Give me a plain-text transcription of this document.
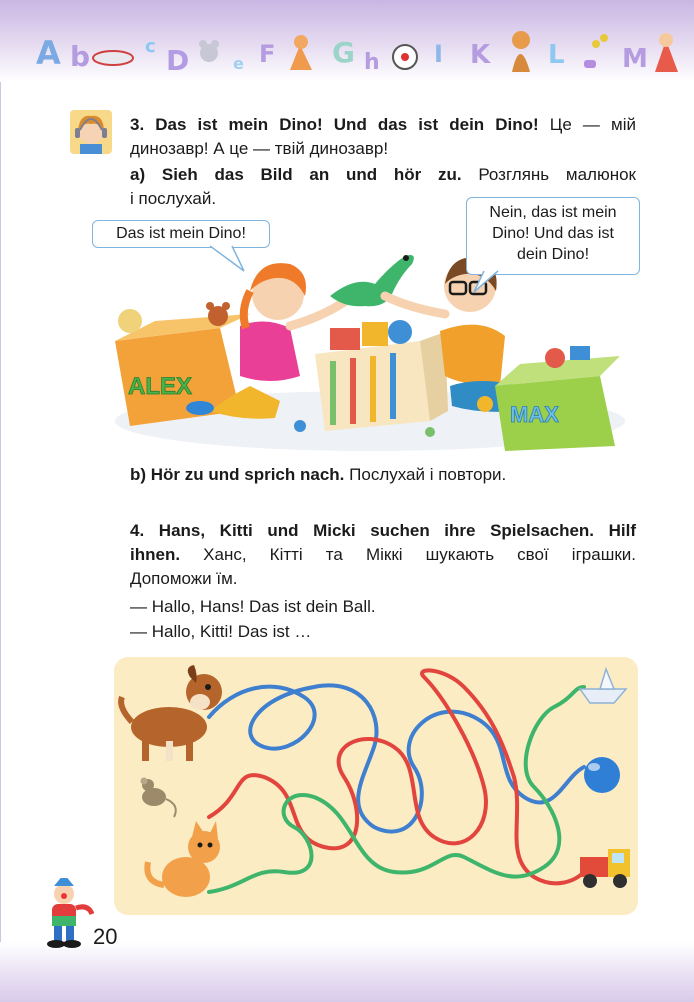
A b	c D	e F G h I K L M
3. Das ist mein Dino! Und das ist dein Dino! Це — мій
динозавр! А це — твій динозавр!
a) Sieh das Bild an und hör zu. Розглянь малюнок
і послухай.
ALEX
MAX
Das ist mein Dino!
Nein, das ist mein
Dino! Und das ist
dein Dino!
b) Hör zu und sprich nach. Послухай і повтори.
4. Hans, Kitti und Micki suchen ihre Spielsachen. Hilf
ihnen. Ханс, Кітті та Міккі шукають свої іграшки.
Допоможи їм.
— Hallo, Hans! Das ist dein Ball.
— Hallo, Kitti! Das ist …
20
